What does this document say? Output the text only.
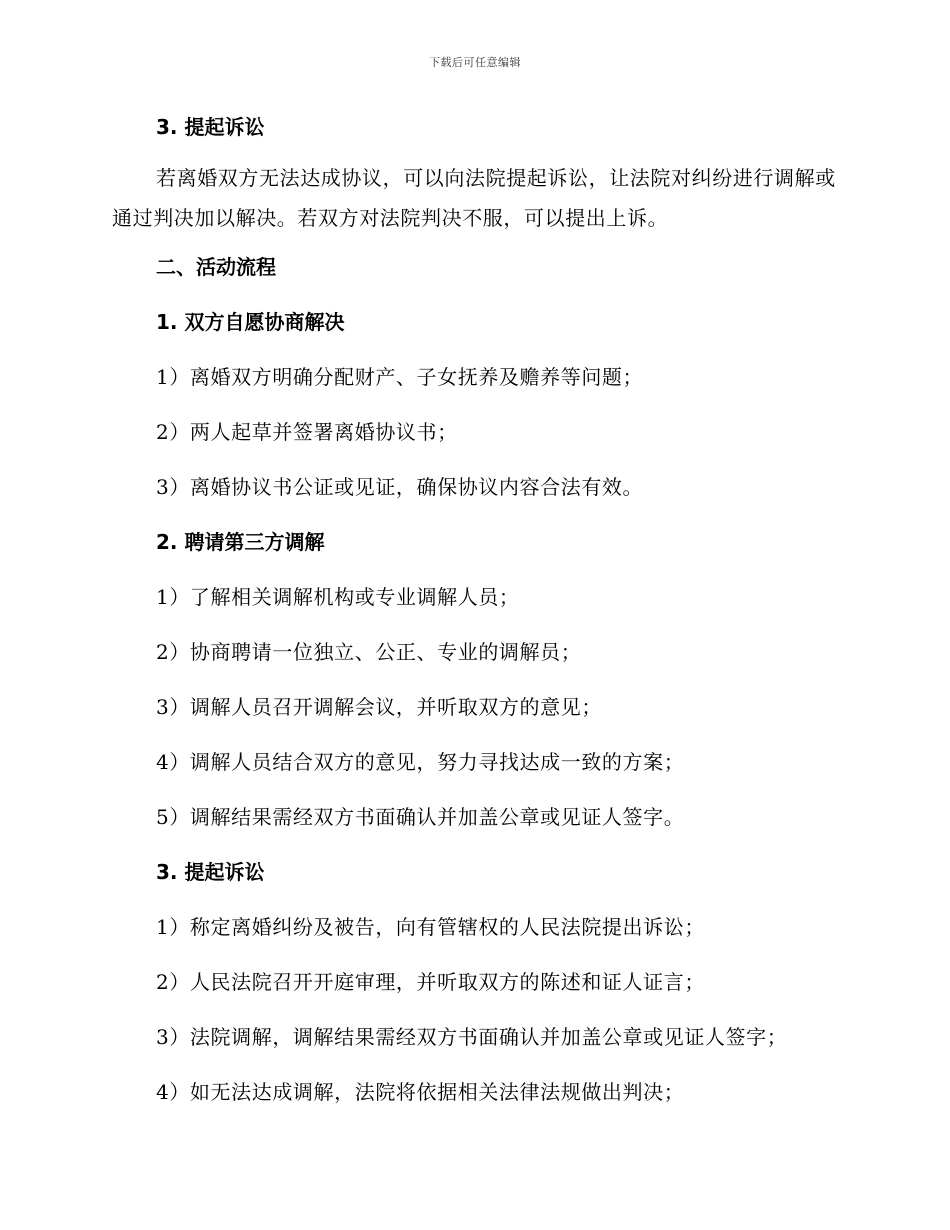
下载后可任意编辑
3. 提起诉讼

若离婚双方无法达成协议，可以向法院提起诉讼，让法院对纠纷进行调解或通过判决加以解决。若双方对法院判决不服，可以提出上诉。

二、活动流程
1. 双方自愿协商解决

1）离婚双方明确分配财产、子女抚养及赡养等问题；

2）两人起草并签署离婚协议书；

3）离婚协议书公证或见证，确保协议内容合法有效。

2. 聘请第三方调解

1）了解相关调解机构或专业调解人员；

2）协商聘请一位独立、公正、专业的调解员；

3）调解人员召开调解会议，并听取双方的意见；

4）调解人员结合双方的意见，努力寻找达成一致的方案；

5）调解结果需经双方书面确认并加盖公章或见证人签字。

3. 提起诉讼

1）称定离婚纠纷及被告，向有管辖权的人民法院提出诉讼；

2）人民法院召开开庭审理，并听取双方的陈述和证人证言；

3）法院调解，调解结果需经双方书面确认并加盖公章或见证人签字；

4）如无法达成调解，法院将依据相关法律法规做出判决；
